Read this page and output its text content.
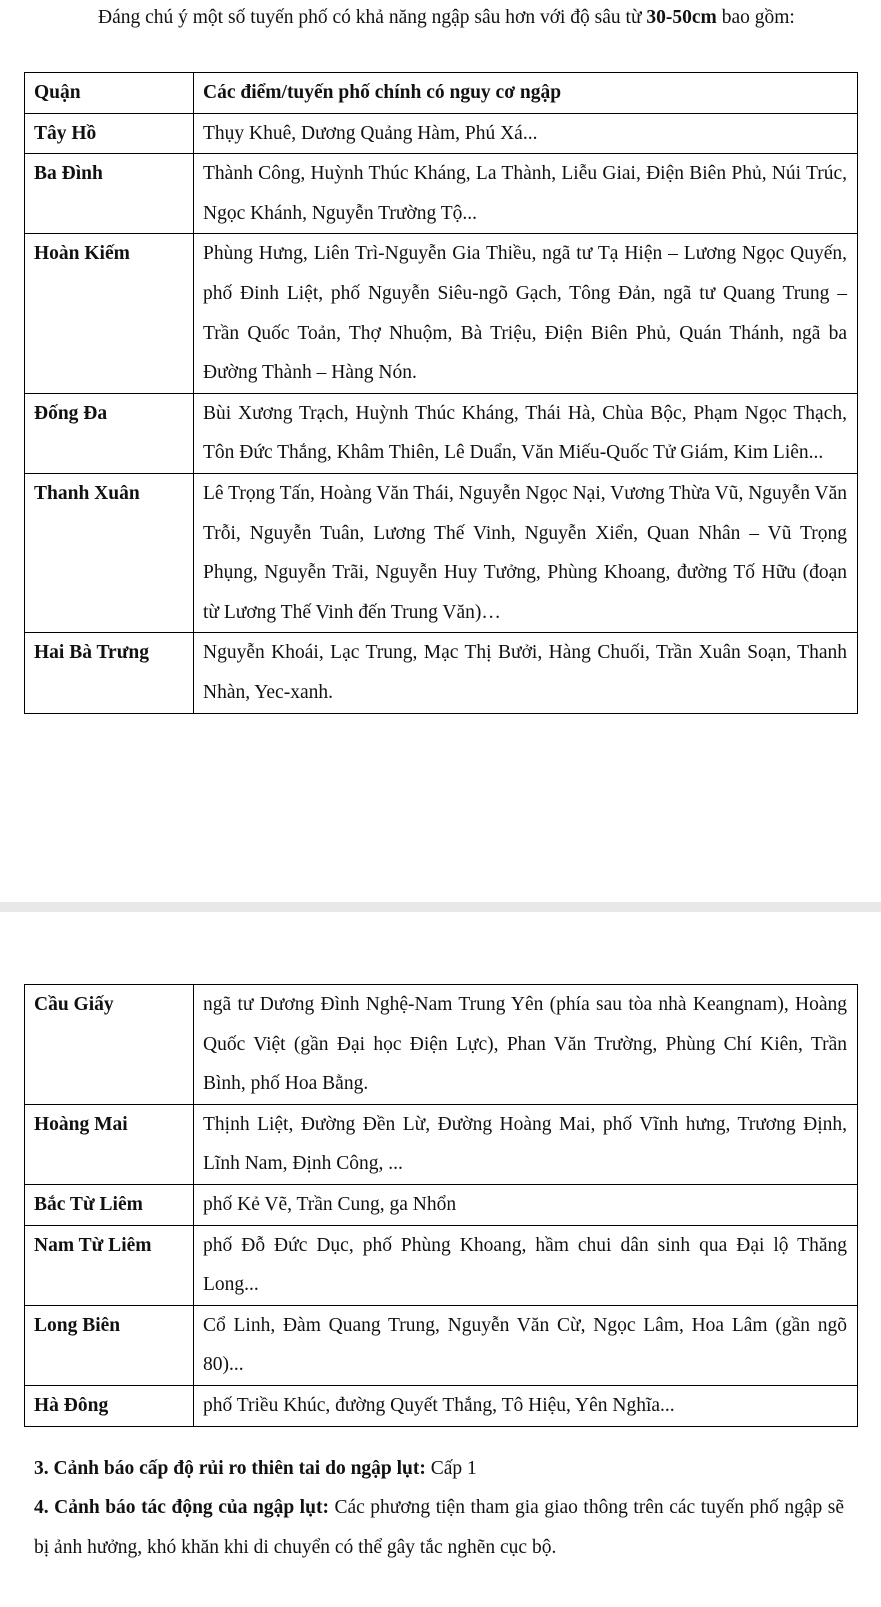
Đáng chú ý một số tuyến phố có khả năng ngập sâu hơn với độ sâu từ 30-50cm bao gồm:

Quận	Các điểm/tuyến phố chính có nguy cơ ngập
Tây Hồ	Thụy Khuê, Dương Quảng Hàm, Phú Xá...
Ba Đình	Thành Công, Huỳnh Thúc Kháng, La Thành, Liễu Giai, Điện Biên Phủ, Núi Trúc, Ngọc Khánh, Nguyễn Trường Tộ...
Hoàn Kiếm	Phùng Hưng, Liên Trì-Nguyễn Gia Thiều, ngã tư Tạ Hiện – Lương Ngọc Quyến, phố Đinh Liệt, phố Nguyễn Siêu-ngõ Gạch, Tông Đản, ngã tư Quang Trung – Trần Quốc Toản, Thợ Nhuộm, Bà Triệu, Điện Biên Phủ, Quán Thánh, ngã ba Đường Thành – Hàng Nón.
Đống Đa	Bùi Xương Trạch, Huỳnh Thúc Kháng, Thái Hà, Chùa Bộc, Phạm Ngọc Thạch, Tôn Đức Thắng, Khâm Thiên, Lê Duẩn, Văn Miếu-Quốc Tử Giám, Kim Liên...
Thanh Xuân	Lê Trọng Tấn, Hoàng Văn Thái, Nguyễn Ngọc Nại, Vương Thừa Vũ, Nguyễn Văn Trỗi, Nguyễn Tuân, Lương Thế Vinh, Nguyễn Xiển, Quan Nhân – Vũ Trọng Phụng, Nguyễn Trãi, Nguyễn Huy Tưởng, Phùng Khoang, đường Tố Hữu (đoạn từ Lương Thế Vinh đến Trung Văn)…
Hai Bà Trưng	Nguyễn Khoái, Lạc Trung, Mạc Thị Bưởi, Hàng Chuối, Trần Xuân Soạn, Thanh Nhàn, Yec-xanh.
Cầu Giấy	ngã tư Dương Đình Nghệ-Nam Trung Yên (phía sau tòa nhà Keangnam), Hoàng Quốc Việt (gần Đại học Điện Lực), Phan Văn Trường, Phùng Chí Kiên, Trần Bình, phố Hoa Bằng.
Hoàng Mai	Thịnh Liệt, Đường Đền Lừ, Đường Hoàng Mai, phố Vĩnh hưng, Trương Định, Lĩnh Nam, Định Công, ...
Bắc Từ Liêm	phố Kẻ Vẽ, Trần Cung, ga Nhổn
Nam Từ Liêm	phố Đỗ Đức Dục, phố Phùng Khoang, hầm chui dân sinh qua Đại lộ Thăng Long...
Long Biên	Cổ Linh, Đàm Quang Trung, Nguyễn Văn Cừ, Ngọc Lâm, Hoa Lâm (gần ngõ 80)...
Hà Đông	phố Triều Khúc, đường Quyết Thắng, Tô Hiệu, Yên Nghĩa...

3. Cảnh báo cấp độ rủi ro thiên tai do ngập lụt: Cấp 1

4. Cảnh báo tác động của ngập lụt: Các phương tiện tham gia giao thông trên các tuyến phố ngập sẽ bị ảnh hưởng, khó khăn khi di chuyển có thể gây tắc nghẽn cục bộ.
